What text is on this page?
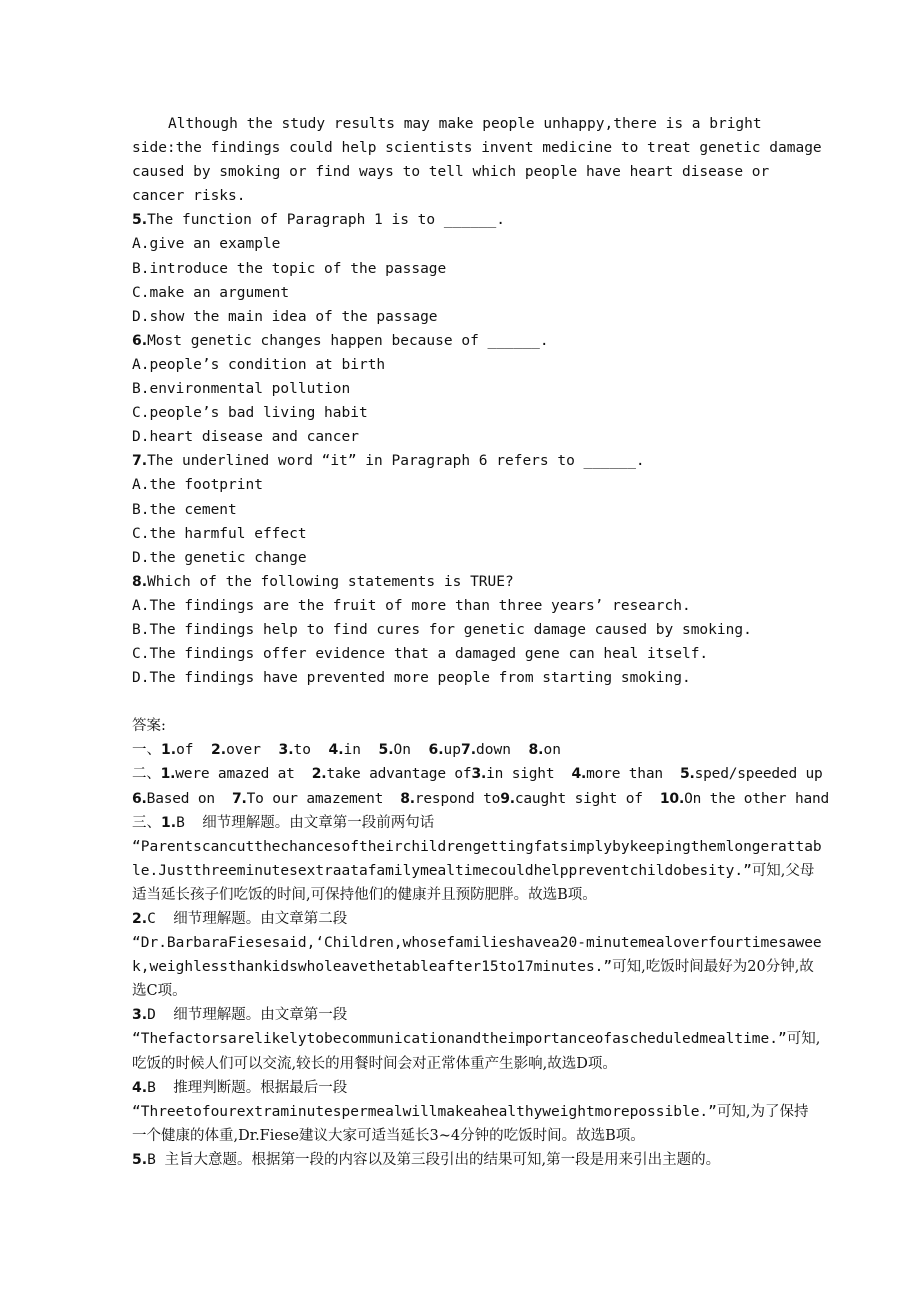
Although the study results may make people unhappy,there is a bright side:the findings could help scientists invent medicine to treat genetic damage caused by smoking or find ways to tell which people have heart disease or cancer risks.

5.The function of Paragraph 1 is to ______.
A.give an example
B.introduce the topic of the passage
C.make an argument
D.show the main idea of the passage
6.Most genetic changes happen because of ______.
A.people’s condition at birth
B.environmental pollution
C.people’s bad living habit
D.heart disease and cancer
7.The underlined word “it” in Paragraph 6 refers to ______.
A.the footprint
B.the cement
C.the harmful effect
D.the genetic change
8.Which of the following statements is TRUE?
A.The findings are the fruit of more than three years’ research.
B.The findings help to find cures for genetic damage caused by smoking.
C.The findings offer evidence that a damaged gene can heal itself.
D.The findings have prevented more people from starting smoking.
答案:
一、1.of 2.over 3.to 4.in 5.On 6.up7.down 8.on
二、1.were amazed at 2.take advantage of3.in sight 4.more than 5.sped/speeded up
6.Based on 7.To our amazement 8.respond to9.caught sight of 10.On the other hand
三、1.B 细节理解题。由文章第一段前两句话
“Parentscancutthechancesoftheirchildrengettingfatsimplybykeepingthemlongerattable.Justthreeminutesextraatafamilymealtimecouldhelppreventchildobesity.”可知,父母适当延长孩子们吃饭的时间,可保持他们的健康并且预防肥胖。故选B项。
2.C 细节理解题。由文章第二段
“Dr.BarbaraFiesesaid,‘Children,whosefamilieshavea20-minutemealoverfourtimesaweek,weighlessthankidswholeavethetableafter15to17minutes.”可知,吃饭时间最好为20分钟,故选C项。
3.D 细节理解题。由文章第一段
“Thefactorsarelikelytobecommunicationandtheimportanceofascheduledmealtime.”可知,吃饭的时候人们可以交流,较长的用餐时间会对正常体重产生影响,故选D项。
4.B 推理判断题。根据最后一段
“Threetofourextraminutespermealwillmakeahealthyweightmorepossible.”可知,为了保持一个健康的体重,Dr.Fiese建议大家可适当延长3~4分钟的吃饭时间。故选B项。
5.B 主旨大意题。根据第一段的内容以及第三段引出的结果可知,第一段是用来引出主题的。
